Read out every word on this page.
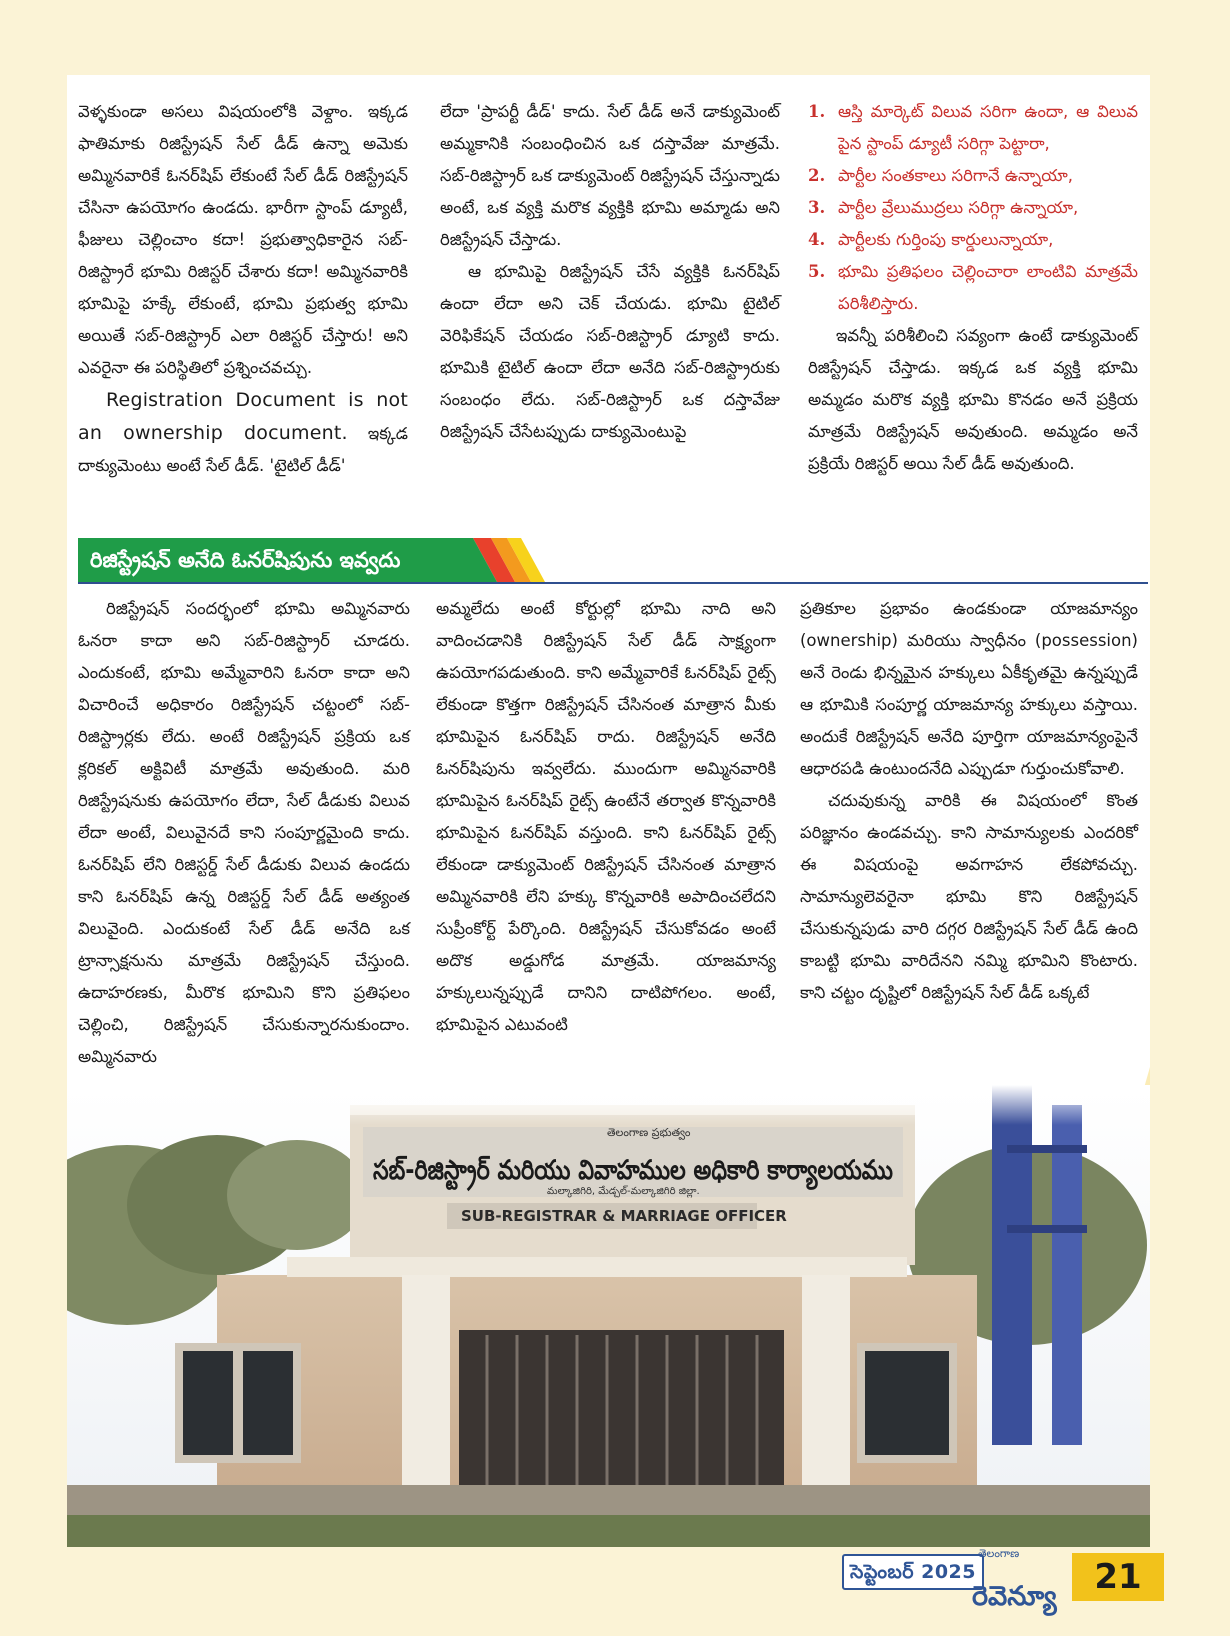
వెళ్ళకుండా అసలు విషయంలోకి వెళ్దాం. ఇక్కడ ఫాతిమాకు రిజిస్ట్రేషన్ సేల్ డీడ్ ఉన్నా అమెకు అమ్మినవారికే ఓనర్‌షిప్ లేకుంటే సేల్ డీడ్ రిజిస్ట్రేషన్ చేసినా ఉపయోగం ఉండదు. భారీగా స్టాంప్ డ్యూటీ, ఫీజులు చెల్లించాం కదా! ప్రభుత్వాధికారైన సబ్-రిజిస్ట్రారే భూమి రిజిస్టర్ చేశారు కదా! అమ్మినవారికి భూమిపై హక్కే లేకుంటే, భూమి ప్రభుత్వ భూమి అయితే సబ్-రిజిస్ట్రార్ ఎలా రిజిస్టర్ చేస్తారు! అని ఎవరైనా ఈ పరిస్థితిలో ప్రశ్నించవచ్చు.

Registration Document is not an ownership document. ఇక్కడ దాక్యుమెంటు అంటే సేల్ డీడ్. 'టైటిల్ డీడ్'

లేదా 'ప్రాపర్టీ డీడ్' కాదు. సేల్ డీడ్ అనే డాక్యుమెంట్ అమ్మకానికి సంబంధించిన ఒక దస్తావేజు మాత్రమే. సబ్-రిజిస్ట్రార్ ఒక డాక్యుమెంట్ రిజిస్ట్రేషన్ చేస్తున్నాడు అంటే, ఒక వ్యక్తి మరొక వ్యక్తికి భూమి అమ్మాడు అని రిజిస్ట్రేషన్ చేస్తాడు.

ఆ భూమిపై రిజిస్ట్రేషన్ చేసే వ్యక్తికి ఓనర్‌షిప్ ఉందా లేదా అని చెక్ చేయడు. భూమి టైటిల్ వెరిఫికేషన్ చేయడం సబ్-రిజిస్ట్రార్ డ్యూటి కాదు. భూమికి టైటిల్ ఉందా లేదా అనేది సబ్-రిజిస్ట్రారుకు సంబంధం లేదు. సబ్-రిజిస్ట్రార్ ఒక దస్తావేజు రిజిస్ట్రేషన్ చేసేటప్పుడు దాక్యుమెంటుపై

1. ఆస్తి మార్కెట్ విలువ సరిగా ఉందా, ఆ విలువ పైన స్టాంప్ డ్యూటీ సరిగ్గా పెట్టారా,
2. పార్టీల సంతకాలు సరిగానే ఉన్నాయా,
3. పార్టీల వ్రేలుముద్రలు సరిగ్గా ఉన్నాయా,
4. పార్టీలకు గుర్తింపు కార్డులున్నాయా,
5. భూమి ప్రతిఫలం చెల్లించారా లాంటివి మాత్రమే పరిశీలిస్తారు.

ఇవన్నీ పరిశీలించి సవ్యంగా ఉంటే డాక్యుమెంట్ రిజిస్ట్రేషన్ చేస్తాడు. ఇక్కడ ఒక వ్యక్తి భూమి అమ్మడం మరొక వ్యక్తి భూమి కొనడం అనే ప్రక్రియ మాత్రమే రిజిస్ట్రేషన్ అవుతుంది. అమ్మడం అనే ప్రక్రియే రిజిస్టర్ అయి సేల్ డీడ్ అవుతుంది.

రిజిస్ట్రేషన్ అనేది ఓనర్‌షిపును ఇవ్వదు

రిజిస్ట్రేషన్ సందర్భంలో భూమి అమ్మినవారు ఓనరా కాదా అని సబ్-రిజిస్ట్రార్ చూడరు. ఎందుకంటే, భూమి అమ్మేవారిని ఓనరా కాదా అని విచారించే అధికారం రిజిస్ట్రేషన్ చట్టంలో సబ్-రిజిస్ట్రార్లకు లేదు. అంటే రిజిస్ట్రేషన్ ప్రక్రియ ఒక క్లరికల్ అక్టివిటీ మాత్రమే అవుతుంది. మరి రిజిస్ట్రేషనుకు ఉపయోగం లేదా, సేల్ డీడుకు విలువ లేదా అంటే, విలువైనదే కాని సంపూర్ణమైంది కాదు. ఓనర్‌షిప్ లేని రిజిస్టర్డ్ సేల్ డీడుకు విలువ ఉండదు కాని ఓనర్‌షిప్ ఉన్న రిజిస్టర్డ్ సేల్ డీడ్ అత్యంత విలువైంది. ఎందుకంటే సేల్ డీడ్ అనేది ఒక ట్రాన్సాక్షనును మాత్రమే రిజిస్ట్రేషన్ చేస్తుంది. ఉదాహరణకు, మీరొక భూమిని కొని ప్రతిఫలం చెల్లించి, రిజిస్ట్రేషన్ చేసుకున్నారనుకుందాం. అమ్మినవారు

అమ్మలేదు అంటే కోర్టుల్లో భూమి నాది అని వాదించడానికి రిజిస్ట్రేషన్ సేల్ డీడ్ సాక్ష్యంగా ఉపయోగపడుతుంది. కాని అమ్మేవారికే ఓనర్‌షిప్ రైట్స్ లేకుండా కొత్తగా రిజిస్ట్రేషన్ చేసినంత మాత్రాన మీకు భూమిపైన ఓనర్‌షిప్ రాదు. రిజిస్ట్రేషన్ అనేది ఓనర్‌షిపును ఇవ్వలేదు. ముందుగా అమ్మినవారికి భూమిపైన ఓనర్‌షిప్ రైట్స్ ఉంటేనే తర్వాత కొన్నవారికి భూమిపైన ఓనర్‌షిప్ వస్తుంది. కాని ఓనర్‌షిప్ రైట్స్ లేకుండా డాక్యుమెంట్ రిజిస్ట్రేషన్ చేసినంత మాత్రాన అమ్మినవారికి లేని హక్కు కొన్నవారికి అపాదించలేదని సుప్రీంకోర్ట్ పేర్కొంది. రిజిస్ట్రేషన్ చేసుకోవడం అంటే అదొక అడ్డుగోడ మాత్రమే. యాజమాన్య హక్కులున్నప్పుడే దానిని దాటిపోగలం. అంటే, భూమిపైన ఎటువంటి

ప్రతికూల ప్రభావం ఉండకుండా యాజమాన్యం (ownership) మరియు స్వాధీనం (possession) అనే రెండు భిన్నమైన హక్కులు ఏకీకృతమై ఉన్నప్పుడే ఆ భూమికి సంపూర్ణ యాజమాన్య హక్కులు వస్తాయి. అందుకే రిజిస్ట్రేషన్ అనేది పూర్తిగా యాజమాన్యంపైనే ఆధారపడి ఉంటుందనేది ఎప్పుడూ గుర్తుంచుకోవాలి.

చదువుకున్న వారికి ఈ విషయంలో కొంత పరిజ్ఞానం ఉండవచ్చు. కాని సామాన్యులకు ఎందరికో ఈ విషయంపై అవగాహన లేకపోవచ్చు. సామాన్యులెవరైనా భూమి కొని రిజిస్ట్రేషన్ చేసుకున్నపుడు వారి దగ్గర రిజిస్ట్రేషన్ సేల్ డీడ్ ఉంది కాబట్టి భూమి వారిదేనని నమ్మి భూమిని కొంటారు. కాని చట్టం దృష్టిలో రిజిస్ట్రేషన్ సేల్ డీడ్ ఒక్కటే

తెలంగాణ ప్రభుత్వం
సబ్-రిజిస్ట్రార్ మరియు వివాహముల అధికారి కార్యాలయము
మల్కాజిగిరి, మేడ్చల్-మల్కాజిగిరి జిల్లా.
SUB-REGISTRAR & MARRIAGE OFFICER
సెప్టెంబర్ 2025
తెలంగాణ
రెవెన్యూ	21
